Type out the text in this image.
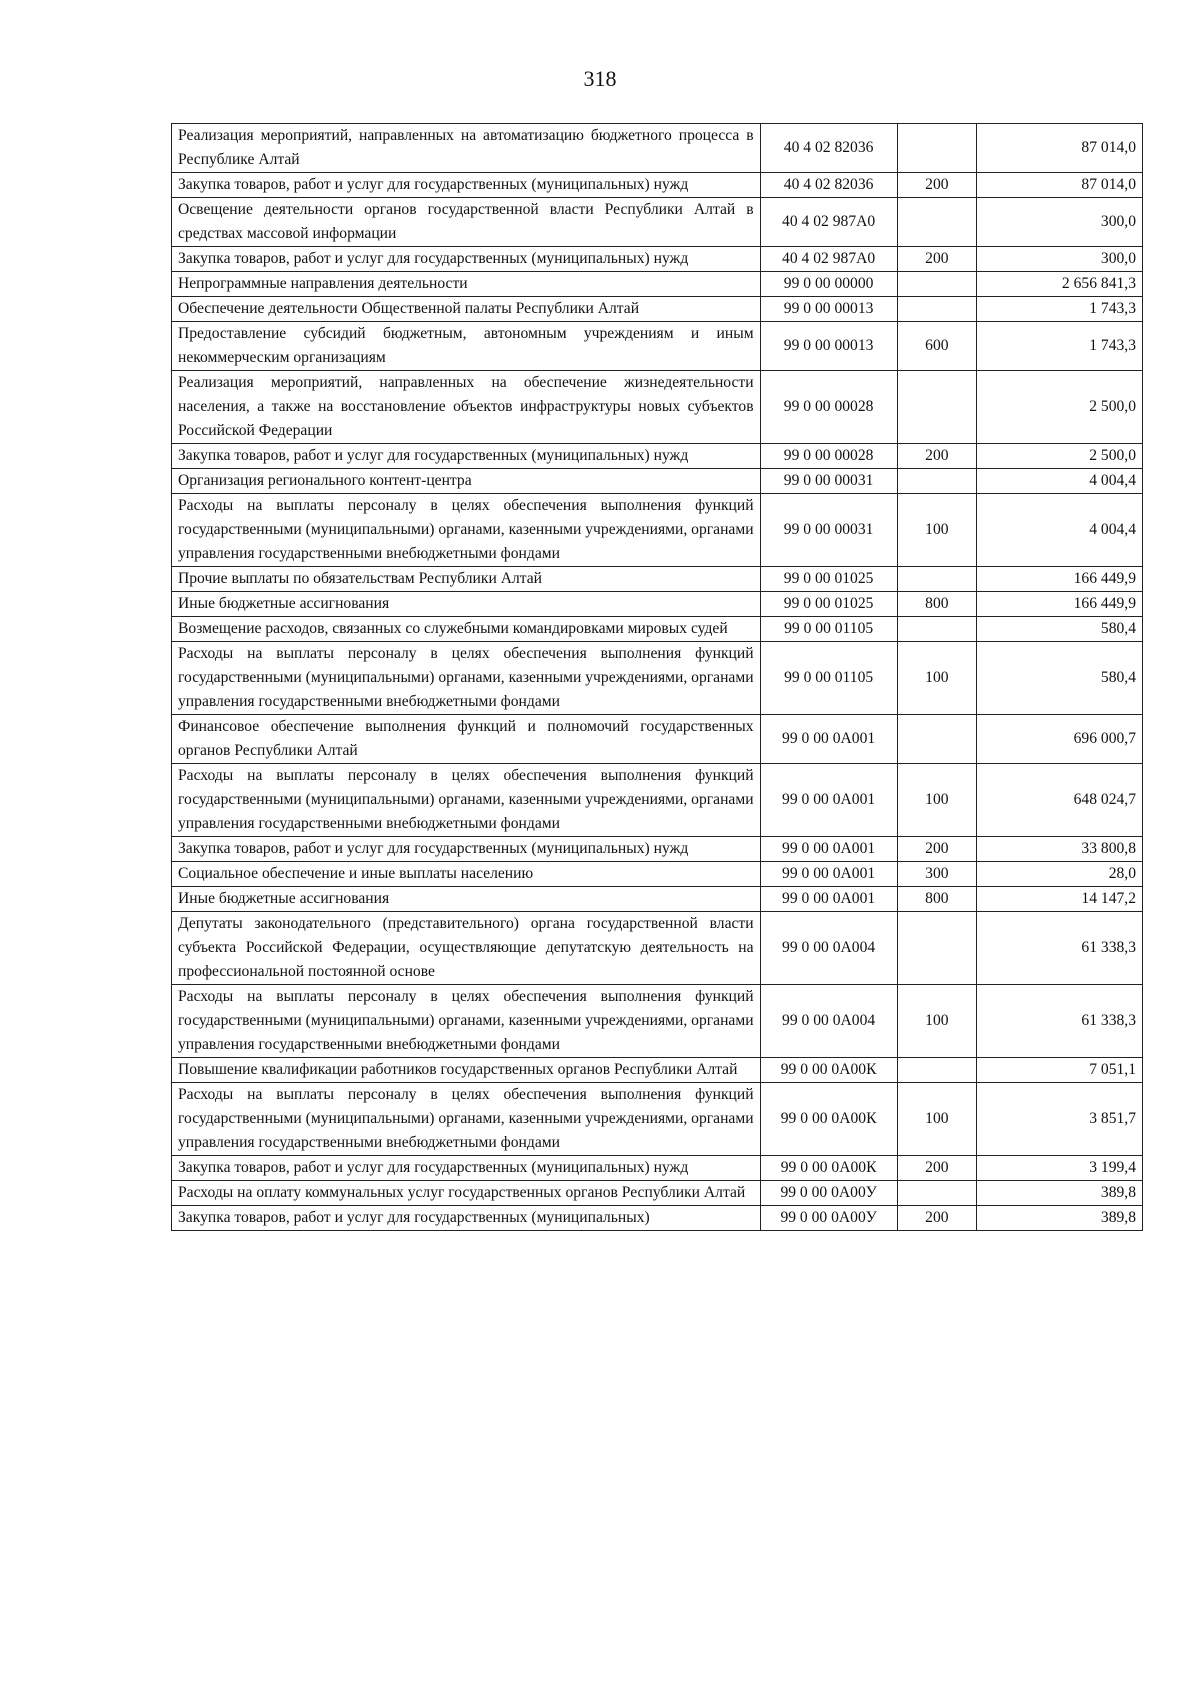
318
Реализация мероприятий, направленных на автоматизацию бюджетного процесса в Республике Алтай	40 4 02 82036		87 014,0
Закупка товаров, работ и услуг для государственных (муниципальных) нужд	40 4 02 82036	200	87 014,0
Освещение деятельности органов государственной власти Республики Алтай в средствах массовой информации	40 4 02 987А0		300,0
Закупка товаров, работ и услуг для государственных (муниципальных) нужд	40 4 02 987А0	200	300,0
Непрограммные направления деятельности	99 0 00 00000		2 656 841,3
Обеспечение деятельности Общественной палаты Республики Алтай	99 0 00 00013		1 743,3
Предоставление субсидий бюджетным, автономным учреждениям и иным некоммерческим организациям	99 0 00 00013	600	1 743,3
Реализация мероприятий, направленных на обеспечение жизнедеятельности населения, а также на восстановление объектов инфраструктуры новых субъектов Российской Федерации	99 0 00 00028		2 500,0
Закупка товаров, работ и услуг для государственных (муниципальных) нужд	99 0 00 00028	200	2 500,0
Организация регионального контент-центра	99 0 00 00031		4 004,4
Расходы на выплаты персоналу в целях обеспечения выполнения функций государственными (муниципальными) органами, казенными учреждениями, органами управления государственными внебюджетными фондами	99 0 00 00031	100	4 004,4
Прочие выплаты по обязательствам Республики Алтай	99 0 00 01025		166 449,9
Иные бюджетные ассигнования	99 0 00 01025	800	166 449,9
Возмещение расходов, связанных со служебными командировками мировых судей	99 0 00 01105		580,4
Расходы на выплаты персоналу в целях обеспечения выполнения функций государственными (муниципальными) органами, казенными учреждениями, органами управления государственными внебюджетными фондами	99 0 00 01105	100	580,4
Финансовое обеспечение выполнения функций и полномочий государственных органов Республики Алтай	99 0 00 0А001		696 000,7
Расходы на выплаты персоналу в целях обеспечения выполнения функций государственными (муниципальными) органами, казенными учреждениями, органами управления государственными внебюджетными фондами	99 0 00 0А001	100	648 024,7
Закупка товаров, работ и услуг для государственных (муниципальных) нужд	99 0 00 0А001	200	33 800,8
Социальное обеспечение и иные выплаты населению	99 0 00 0А001	300	28,0
Иные бюджетные ассигнования	99 0 00 0А001	800	14 147,2
Депутаты законодательного (представительного) органа государственной власти субъекта Российской Федерации, осуществляющие депутатскую деятельность на профессиональной постоянной основе	99 0 00 0А004		61 338,3
Расходы на выплаты персоналу в целях обеспечения выполнения функций государственными (муниципальными) органами, казенными учреждениями, органами управления государственными внебюджетными фондами	99 0 00 0А004	100	61 338,3
Повышение квалификации работников государственных органов Республики Алтай	99 0 00 0А00К		7 051,1
Расходы на выплаты персоналу в целях обеспечения выполнения функций государственными (муниципальными) органами, казенными учреждениями, органами управления государственными внебюджетными фондами	99 0 00 0А00К	100	3 851,7
Закупка товаров, работ и услуг для государственных (муниципальных) нужд	99 0 00 0А00К	200	3 199,4
Расходы на оплату коммунальных услуг государственных органов Республики Алтай	99 0 00 0А00У		389,8
Закупка товаров, работ и услуг для государственных (муниципальных)	99 0 00 0А00У	200	389,8
